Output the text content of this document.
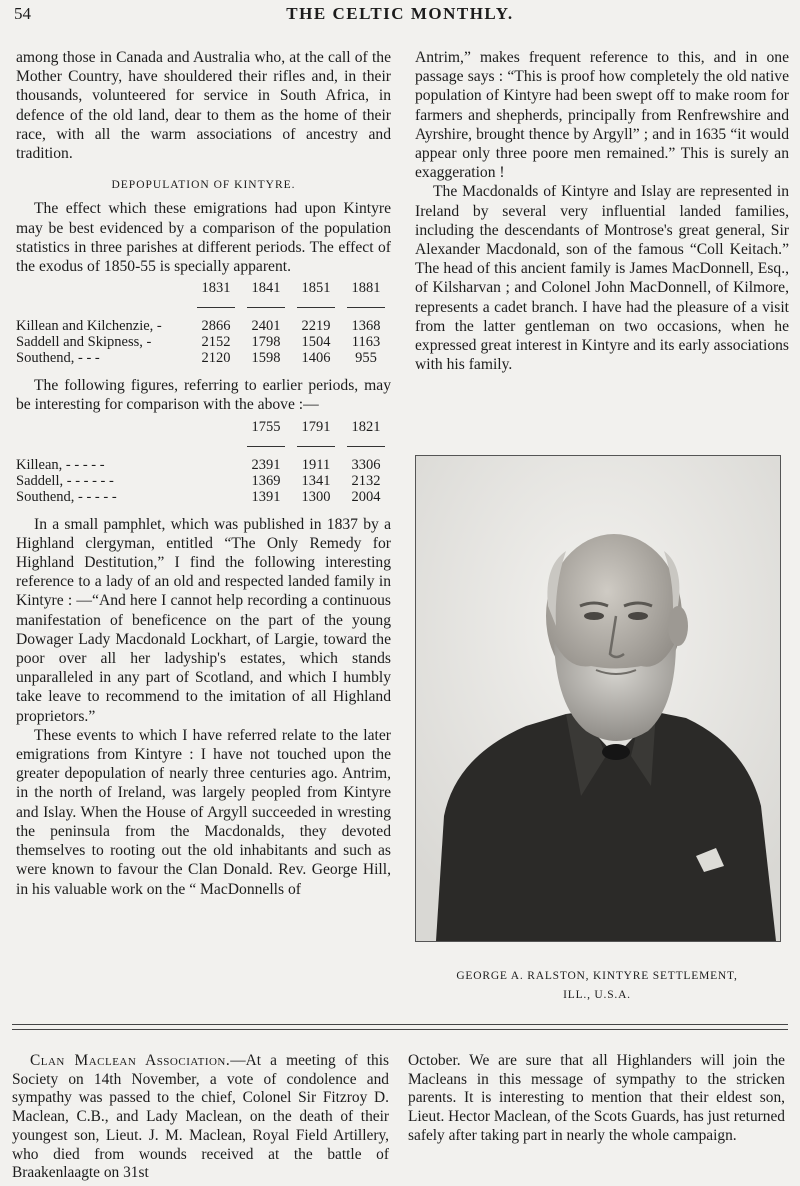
54	THE CELTIC MONTHLY.

among those in Canada and Australia who, at the call of the Mother Country, have shouldered their rifles and, in their thousands, volunteered for service in South Africa, in defence of the old land, dear to them as the home of their race, with all the warm associations of ancestry and tradition.

DEPOPULATION OF KINTYRE.

The effect which these emigrations had upon Kintyre may be best evidenced by a comparison of the population statistics in three parishes at different periods. The effect of the exodus of 1850-55 is specially apparent.

	1831	1841	1851	1881

Killean and Kilchenzie, -	2866	2401	2219	1368
Saddell and Skipness, -	2152	1798	1504	1163
Southend, - - -	2120	1598	1406	955

The following figures, referring to earlier periods, may be interesting for comparison with the above :—

	1755	1791	1821

Killean, - - - - -	2391	1911	3306
Saddell, - - - - - -	1369	1341	2132
Southend, - - - - -	1391	1300	2004

In a small pamphlet, which was published in 1837 by a Highland clergyman, entitled “The Only Remedy for Highland Destitution,” I find the following interesting reference to a lady of an old and respected landed family in Kintyre : —“And here I cannot help recording a continuous manifestation of beneficence on the part of the young Dowager Lady Macdonald Lockhart, of Largie, toward the poor over all her ladyship's estates, which stands unparalleled in any part of Scotland, and which I humbly take leave to recommend to the imitation of all Highland proprietors.”

These events to which I have referred relate to the later emigrations from Kintyre : I have not touched upon the greater depopulation of nearly three centuries ago. Antrim, in the north of Ireland, was largely peopled from Kintyre and Islay. When the House of Argyll succeeded in wresting the peninsula from the Macdonalds, they devoted themselves to rooting out the old inhabitants and such as were known to favour the Clan Donald. Rev. George Hill, in his valuable work on the “ MacDonnells of

Antrim,” makes frequent reference to this, and in one passage says : “This is proof how completely the old native population of Kintyre had been swept off to make room for farmers and shepherds, principally from Renfrewshire and Ayrshire, brought thence by Argyll” ; and in 1635 “it would appear only three poore men remained.” This is surely an exaggeration !

The Macdonalds of Kintyre and Islay are represented in Ireland by several very influential landed families, including the descendants of Montrose's great general, Sir Alexander Macdonald, son of the famous “Coll Keitach.” The head of this ancient family is James MacDonnell, Esq., of Kilsharvan ; and Colonel John MacDonnell, of Kilmore, represents a cadet branch. I have had the pleasure of a visit from the latter gentleman on two occasions, when he expressed great interest in Kintyre and its early associations with his family.

GEORGE A. RALSTON, KINTYRE SETTLEMENT,
ILL., U.S.A.

Clan Maclean Association.—At a meeting of this Society on 14th November, a vote of condolence and sympathy was passed to the chief, Colonel Sir Fitzroy D. Maclean, C.B., and Lady Maclean, on the death of their youngest son, Lieut. J. M. Maclean, Royal Field Artillery, who died from wounds received at the battle of Braakenlaagte on 31st

October. We are sure that all Highlanders will join the Macleans in this message of sympathy to the stricken parents. It is interesting to mention that their eldest son, Lieut. Hector Maclean, of the Scots Guards, has just returned safely after taking part in nearly the whole campaign.
